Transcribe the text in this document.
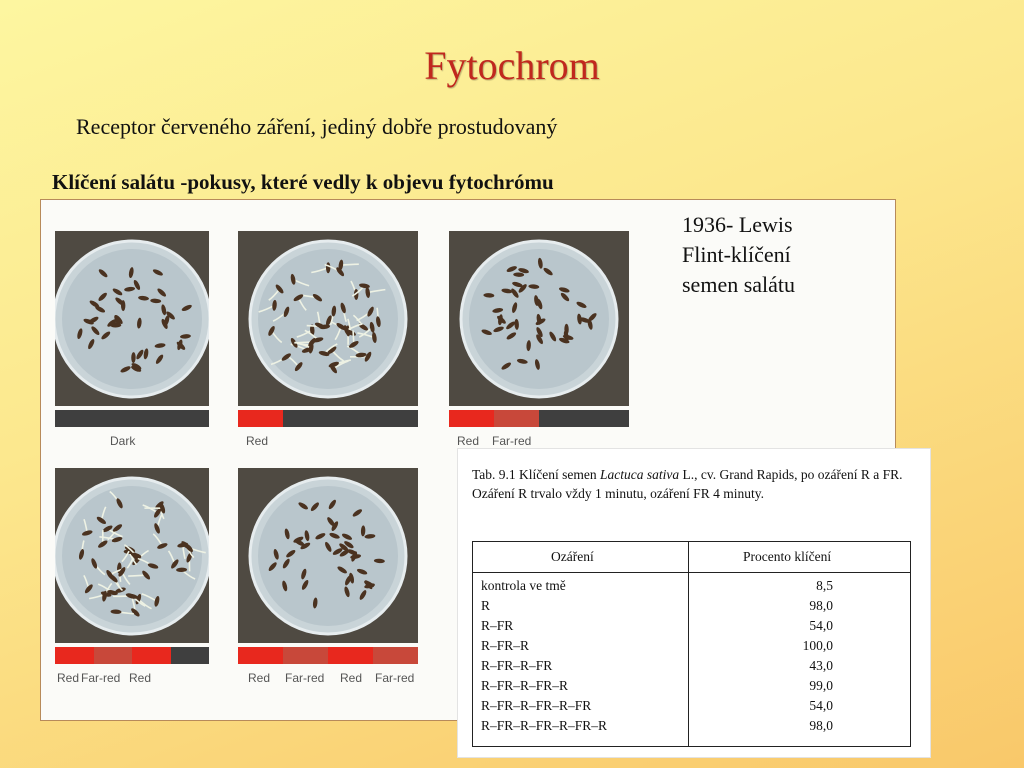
Fytochrom
Receptor červeného záření, jediný dobře prostudovaný
Klíčení salátu -pokusy, které vedly k objevu fytochrómu
Dark	Red	Red Far-red
Red Far-red Red	Red Far-red Red Far-red
1936- Lewis
Flint-klíčení
semen salátu
Tab. 9.1 Klíčení semen Lactuca sativa L., cv. Grand Rapids, po ozáření R a FR. Ozáření R trvalo vždy 1 minutu, ozáření FR 4 minuty.
Ozáření	Procento klíčení
kontrola ve tmě	8,5
R	98,0
R–FR	54,0
R–FR–R	100,0
R–FR–R–FR	43,0
R–FR–R–FR–R	99,0
R–FR–R–FR–R–FR	54,0
R–FR–R–FR–R–FR–R	98,0
